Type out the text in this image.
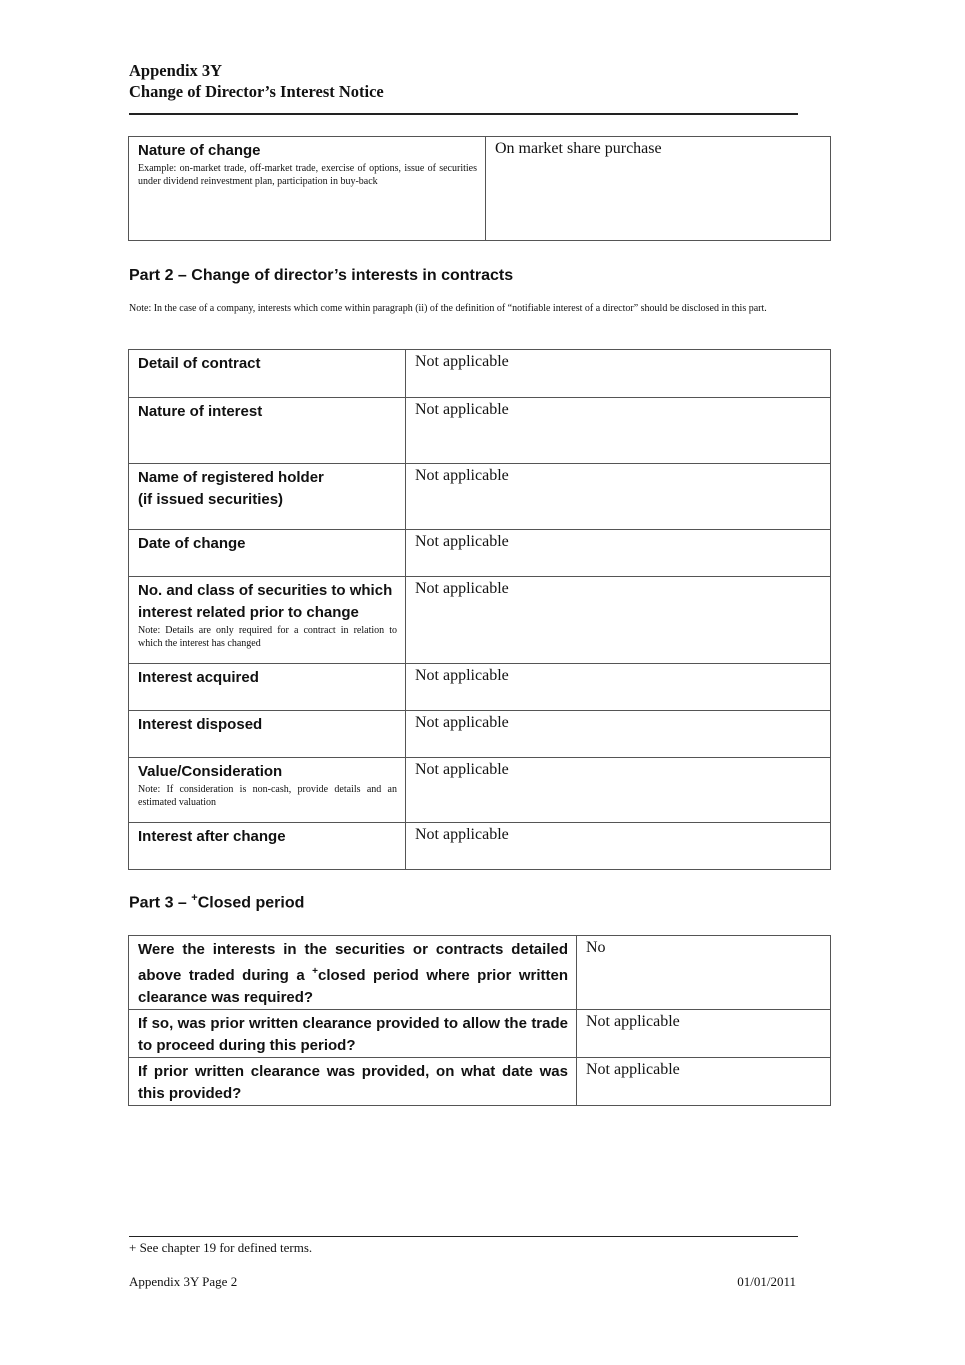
Appendix 3Y
Change of Director’s Interest Notice
Nature of change
Example: on-market trade, off-market trade, exercise of options, issue of securities under dividend reinvestment plan, participation in buy-back
	On market share purchase
Part 2 – Change of director’s interests in contracts
Note: In the case of a company, interests which come within paragraph (ii) of the definition of “notifiable interest of a director” should be disclosed in this part.
Detail of contract	Not applicable

Nature of interest	Not applicable

Name of registered holder
(if issued securities)	Not applicable

Date of change	Not applicable

No. and class of securities to which interest related prior to change
Note: Details are only required for a contract in relation to which the interest has changed	Not applicable

Interest acquired	Not applicable

Interest disposed	Not applicable

Value/Consideration
Note: If consideration is non-cash, provide details and an estimated valuation	Not applicable

Interest after change	Not applicable
Part 3 – +Closed period
Were the interests in the securities or contracts detailed above traded during a +closed period where prior written clearance was required?	No

If so, was prior written clearance provided to allow the trade to proceed during this period?	Not applicable

If prior written clearance was provided, on what date was this provided?	Not applicable
+ See chapter 19 for defined terms.
Appendix 3Y Page 2	01/01/2011
